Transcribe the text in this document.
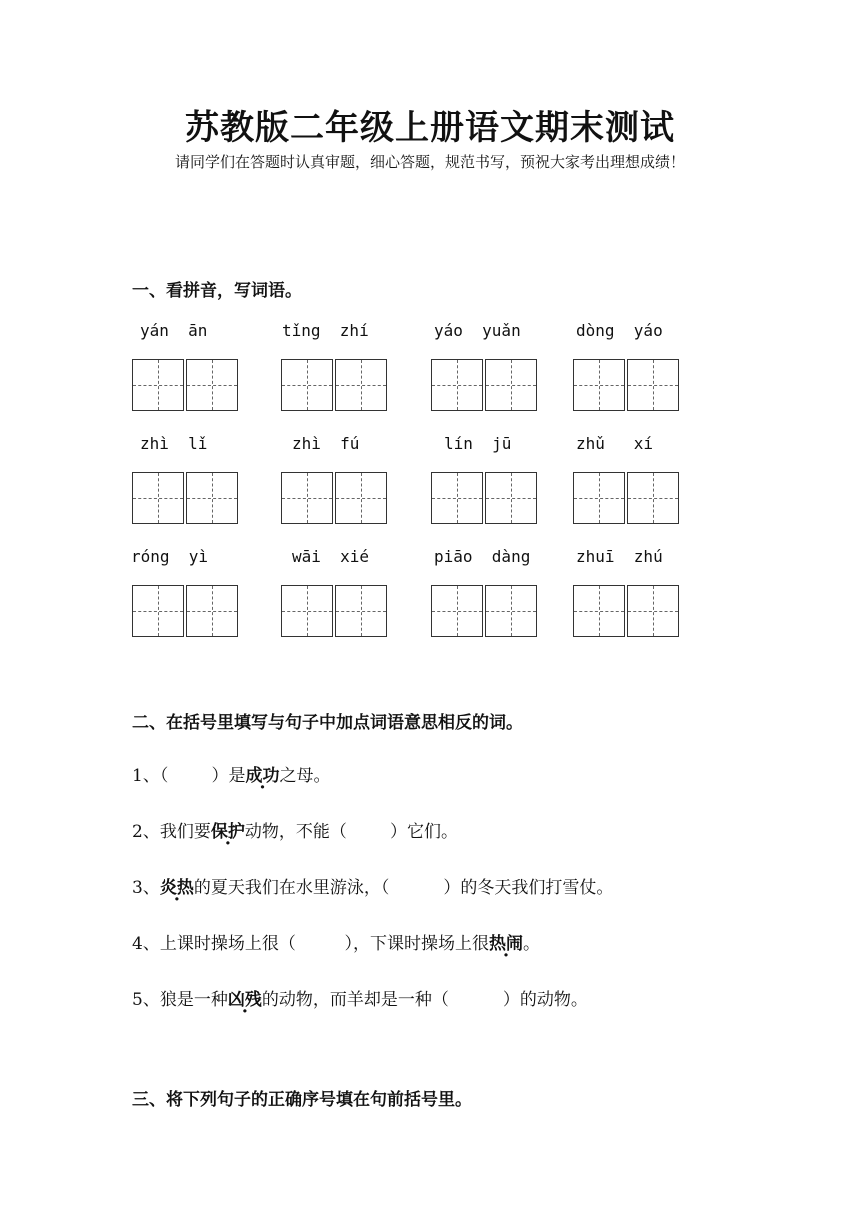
苏教版二年级上册语文期末测试
请同学们在答题时认真审题，细心答题，规范书写，预祝大家考出理想成绩！
一、看拼音，写词语。
yán  ān	tǐng  zhí	yáo  yuǎn	dòng  yáo
zhì  lǐ	zhì  fú	lín  jū	zhǔ   xí
róng  yì	wāi  xié	piāo  dàng	zhuī  zhú
二、在括号里填写与句子中加点词语意思相反的词。
1、（        ）是成功之母。
2、我们要保护动物，不能（        ）它们。
3、炎热的夏天我们在水里游泳，（          ）的冬天我们打雪仗。
4、上课时操场上很（         ），下课时操场上很热闹。
5、狼是一种凶残的动物，而羊却是一种（          ）的动物。
三、将下列句子的正确序号填在句前括号里。
